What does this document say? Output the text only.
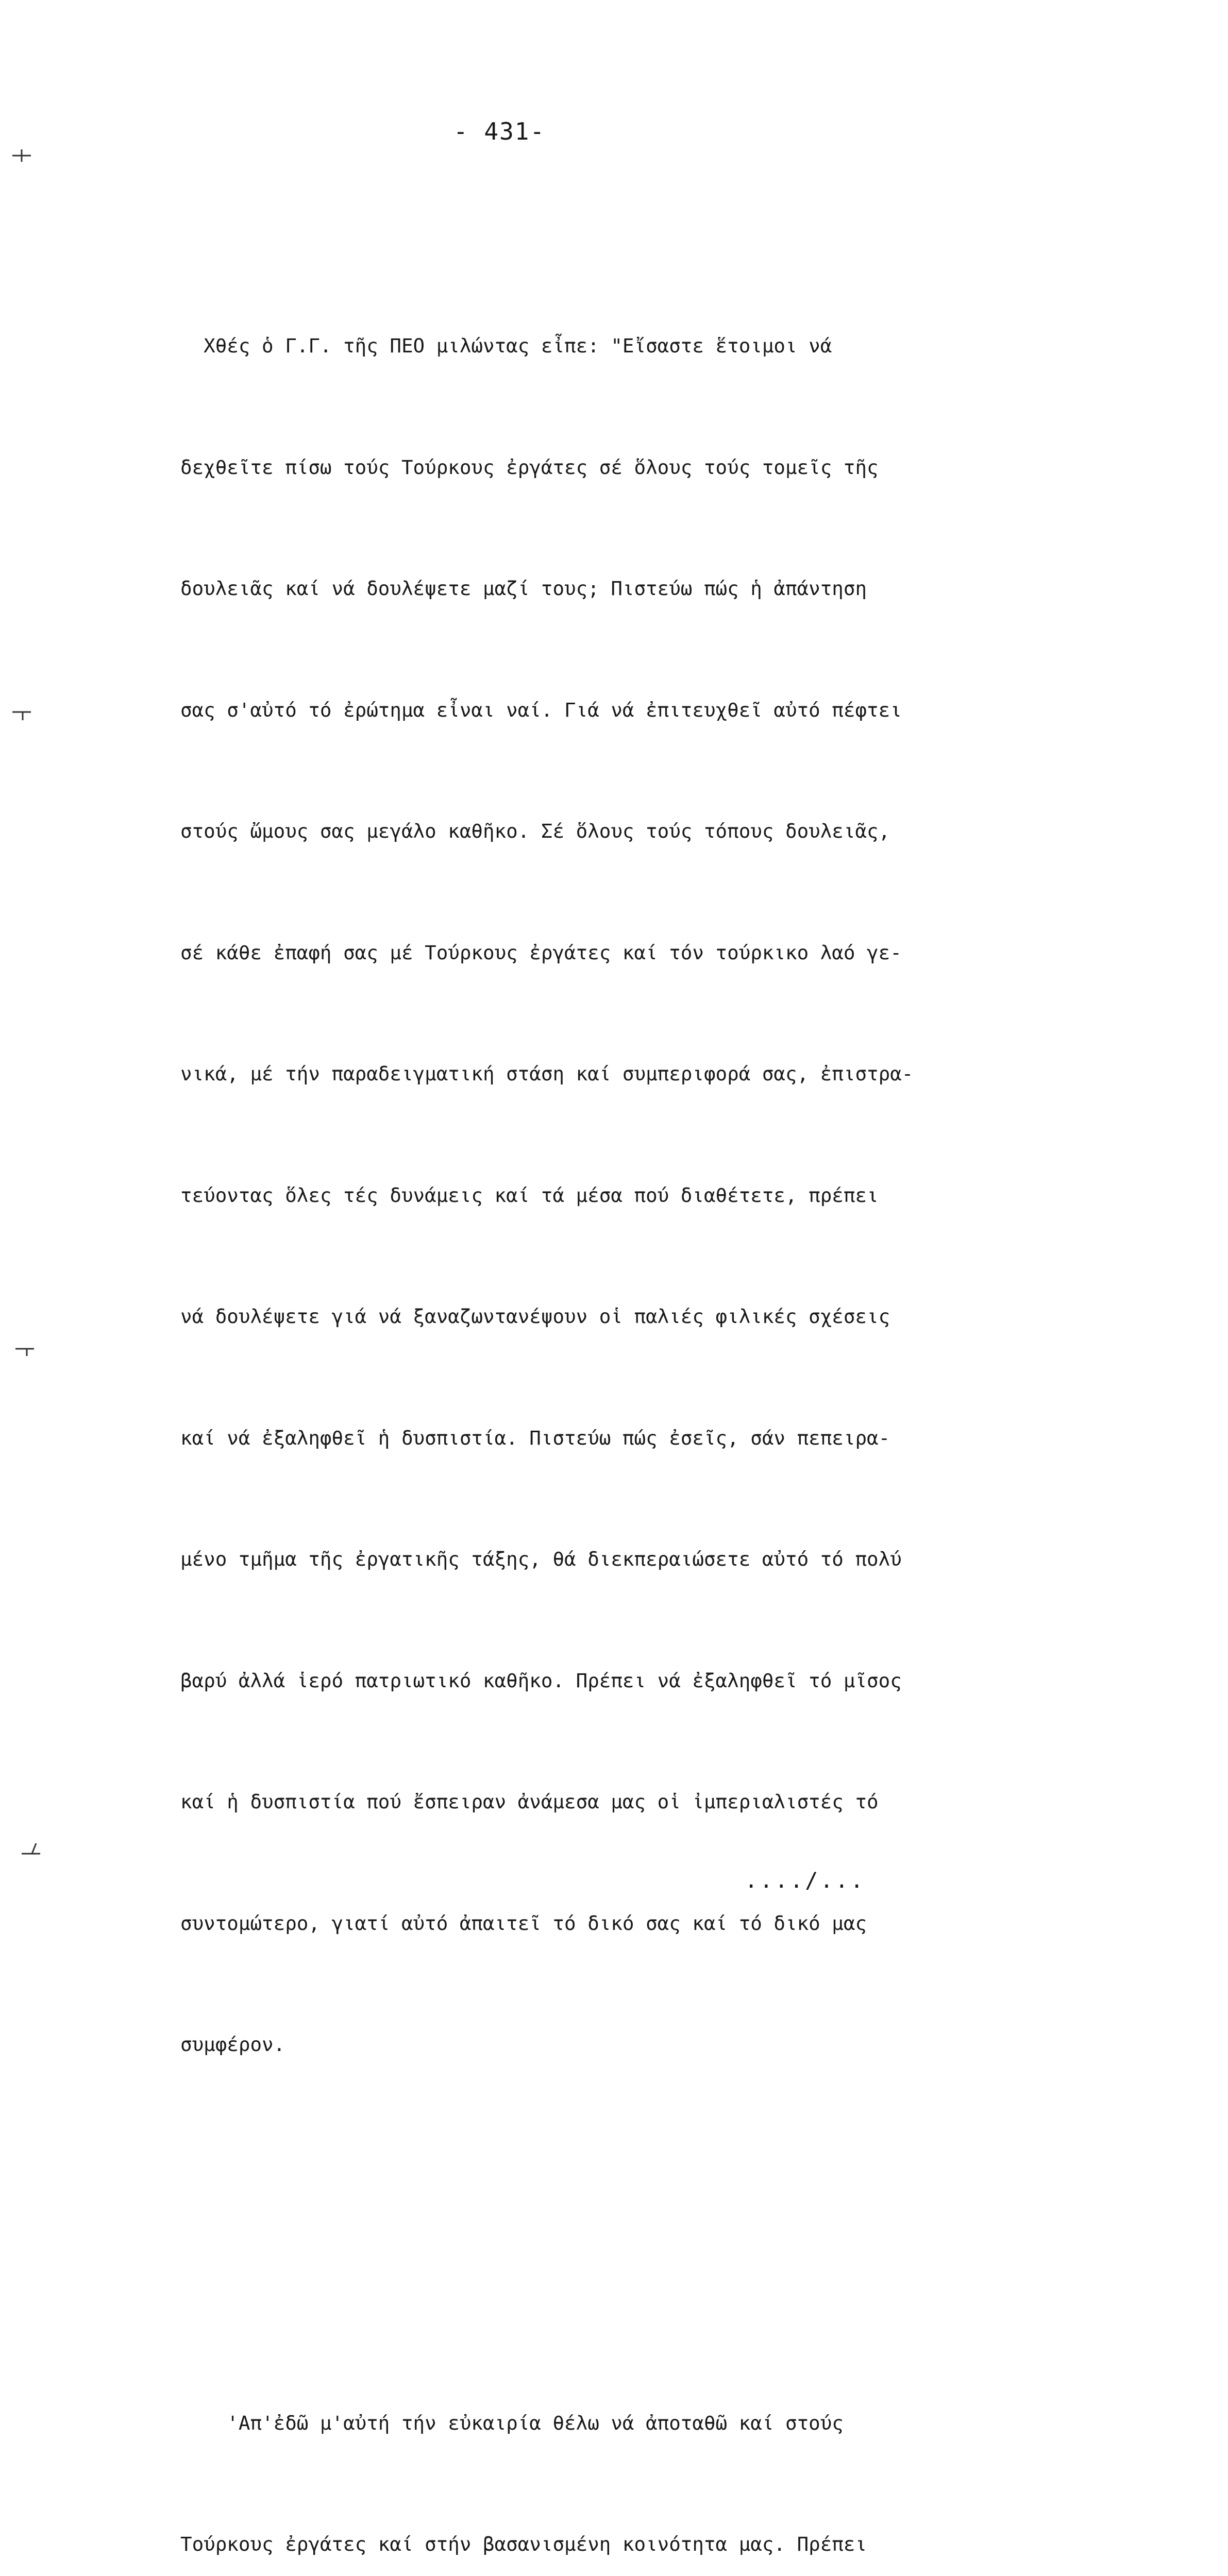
- 431-

Χθές ὁ Γ.Γ. τῆς ΠΕΟ μιλώντας εἶπε: "Εἴσαστε ἕτοιμοι νά

δεχθεῖτε πίσω τούς Τούρκους ἐργάτες σέ ὅλους τούς τομεῖς τῆς

δουλειᾶς καί νά δουλέψετε μαζί τους; Πιστεύω πώς ἡ ἀπάντηση

σας σ'αὐτό τό ἐρώτημα εἶναι ναί. Γιά νά ἐπιτευχθεῖ αὐτό πέφτει

στούς ὤμους σας μεγάλο καθῆκο. Σέ ὅλους τούς τόπους δουλειᾶς,

σέ κάθε ἐπαφή σας μέ Τούρκους ἐργάτες καί τόν τούρκικο λαό γε-

νικά, μέ τήν παραδειγματική στάση καί συμπεριφορά σας, ἐπιστρα-

τεύοντας ὅλες τές δυνάμεις καί τά μέσα πού διαθέτετε, πρέπει

νά δουλέψετε γιά νά ξαναζωντανέψουν οἱ παλιές φιλικές σχέσεις

καί νά ἐξαληφθεῖ ἡ δυσπιστία. Πιστεύω πώς ἐσεῖς, σάν πεπειρα-

μένο τμῆμα τῆς ἐργατικῆς τάξης, θά διεκπεραιώσετε αὐτό τό πολύ

βαρύ ἀλλά ἱερό πατριωτικό καθῆκο. Πρέπει νά ἐξαληφθεῖ τό μῖσος

καί ἡ δυσπιστία πού ἔσπειραν ἀνάμεσα μας οἱ ἰμπεριαλιστές τό

συντομώτερο, γιατί αὐτό ἀπαιτεῖ τό δικό σας καί τό δικό μας

συμφέρον.

'Απ'ἐδῶ μ'αὐτή τήν εὐκαιρία θέλω νά ἀποταθῶ καί στούς

Τούρκους ἐργάτες καί στήν βασανισμένη κοινότητα μας. Πρέπει

..../...
